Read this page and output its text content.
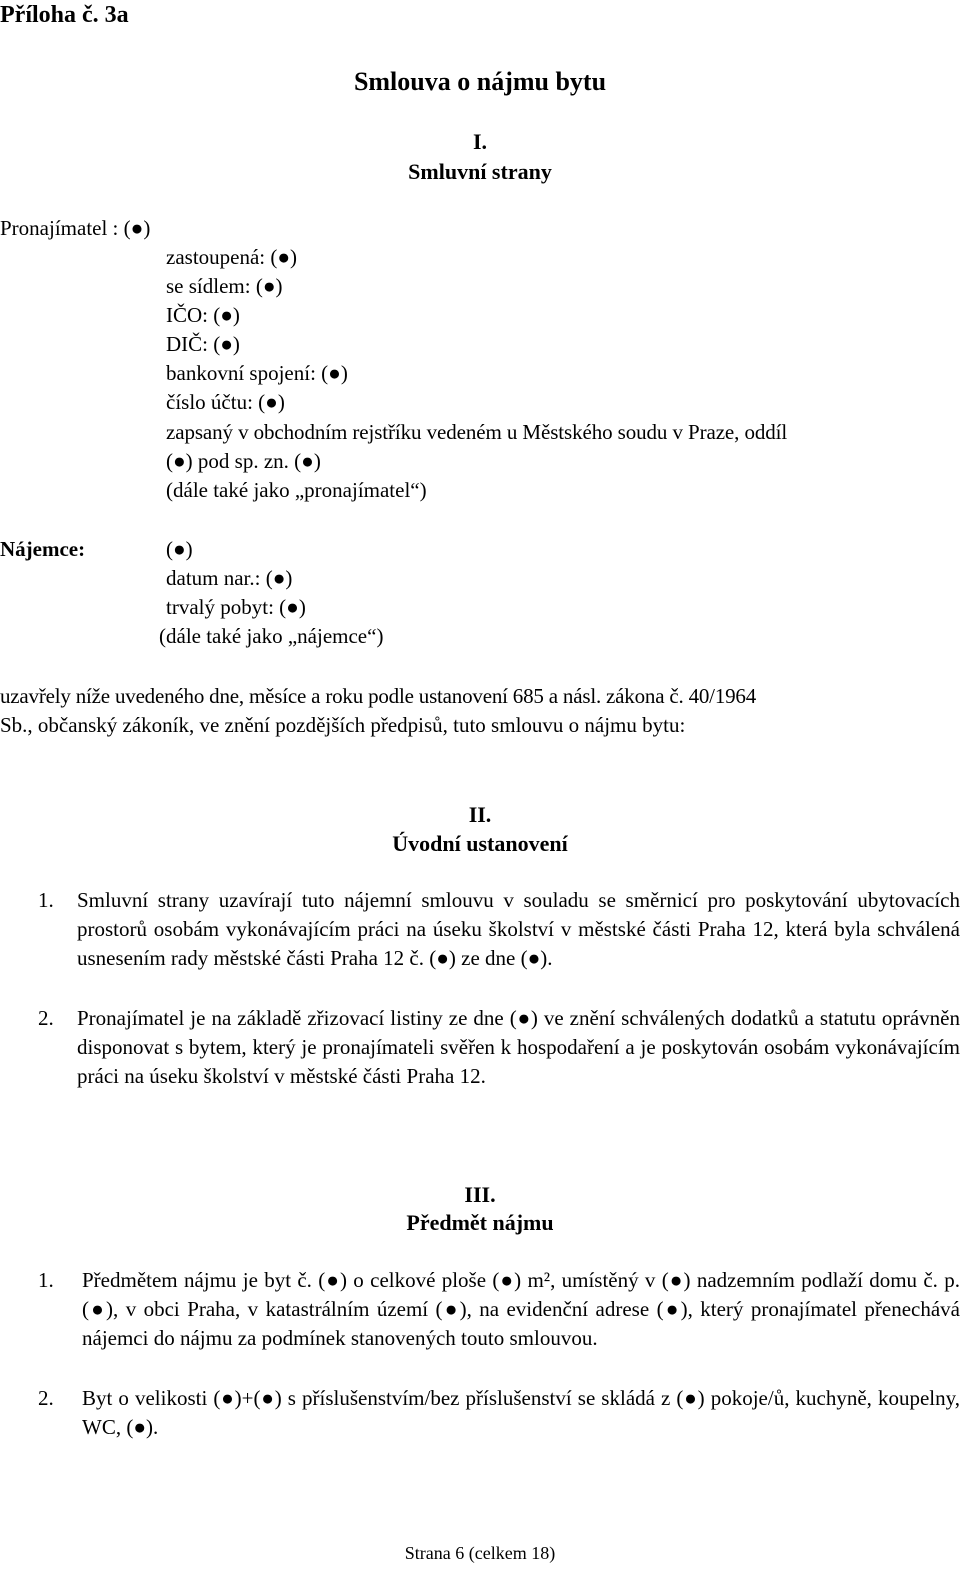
Příloha č. 3a
Smlouva o nájmu bytu
I.
Smluvní strany
Pronajímatel : (●)
zastoupená: (●)
se sídlem: (●)
IČO: (●)
DIČ: (●)
bankovní spojení: (●)
číslo účtu: (●)
zapsaný v obchodním rejstříku vedeném u Městského soudu v Praze, oddíl
(●) pod sp. zn. (●)
(dále také jako „pronajímatel“)
Nájemce:	(●)
datum nar.: (●)
trvalý pobyt: (●)
(dále také jako „nájemce“)
uzavřely níže uvedeného dne, měsíce a roku podle ustanovení 685 a násl. zákona č. 40/1964
Sb., občanský zákoník, ve znění pozdějších předpisů, tuto smlouvu o nájmu bytu:
II.
Úvodní ustanovení
1. Smluvní strany uzavírají tuto nájemní smlouvu v souladu se směrnicí pro poskytování ubytovacích prostorů osobám vykonávajícím práci na úseku školství v městské části Praha 12, která byla schválená usnesením rady městské části Praha 12 č. (●) ze dne (●).
2. Pronajímatel je na základě zřizovací listiny ze dne (●) ve znění schválených dodatků a statutu oprávněn disponovat s bytem, který je pronajímateli svěřen k hospodaření a je poskytován osobám vykonávajícím práci na úseku školství v městské části Praha 12.
III.
Předmět nájmu
1. Předmětem nájmu je byt č. (●) o celkové ploše (●) m², umístěný v (●) nadzemním podlaží domu č. p. (●), v obci Praha, v katastrálním území (●), na evidenční adrese (●), který pronajímatel přenechává nájemci do nájmu za podmínek stanovených touto smlouvou.
2. Byt o velikosti (●)+(●) s příslušenstvím/bez příslušenství se skládá z (●) pokoje/ů, kuchyně, koupelny, WC, (●).
Strana 6 (celkem 18)
